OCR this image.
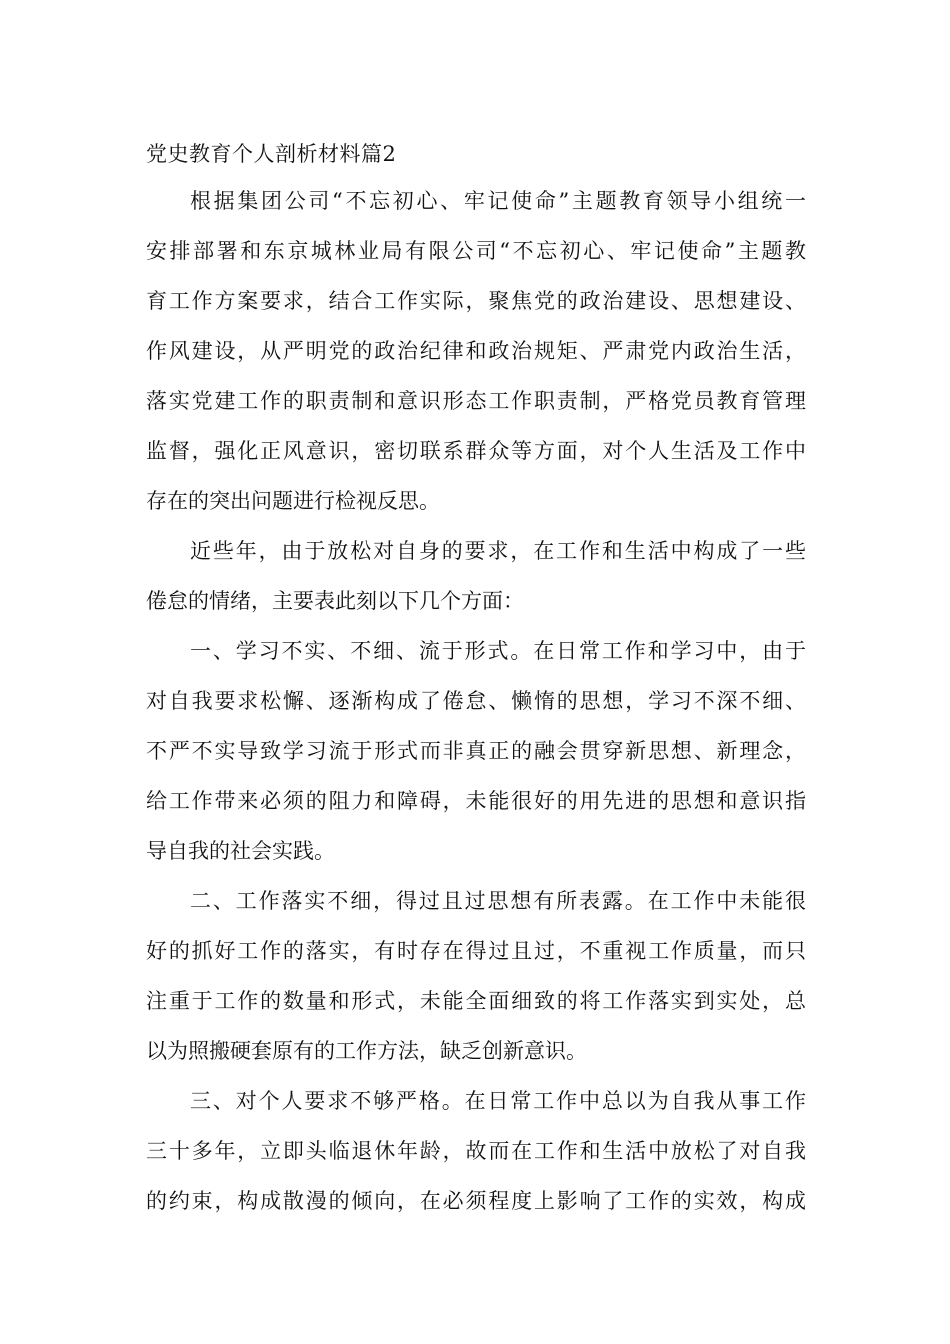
党史教育个人剖析材料篇2

根据集团公司“不忘初心、牢记使命”主题教育领导小组统一

安排部署和东京城林业局有限公司“不忘初心、牢记使命”主题教

育工作方案要求，结合工作实际，聚焦党的政治建设、思想建设、

作风建设，从严明党的政治纪律和政治规矩、严肃党内政治生活，

落实党建工作的职责制和意识形态工作职责制，严格党员教育管理

监督，强化正风意识，密切联系群众等方面，对个人生活及工作中

存在的突出问题进行检视反思。

近些年，由于放松对自身的要求，在工作和生活中构成了一些

倦怠的情绪，主要表此刻以下几个方面：

一、学习不实、不细、流于形式。在日常工作和学习中，由于

对自我要求松懈、逐渐构成了倦怠、懒惰的思想，学习不深不细、

不严不实导致学习流于形式而非真正的融会贯穿新思想、新理念，

给工作带来必须的阻力和障碍，未能很好的用先进的思想和意识指

导自我的社会实践。

二、工作落实不细，得过且过思想有所表露。在工作中未能很

好的抓好工作的落实，有时存在得过且过，不重视工作质量，而只

注重于工作的数量和形式，未能全面细致的将工作落实到实处，总

以为照搬硬套原有的工作方法，缺乏创新意识。

三、对个人要求不够严格。在日常工作中总以为自我从事工作

三十多年，立即头临退休年龄，故而在工作和生活中放松了对自我

的约束，构成散漫的倾向，在必须程度上影响了工作的实效，构成
